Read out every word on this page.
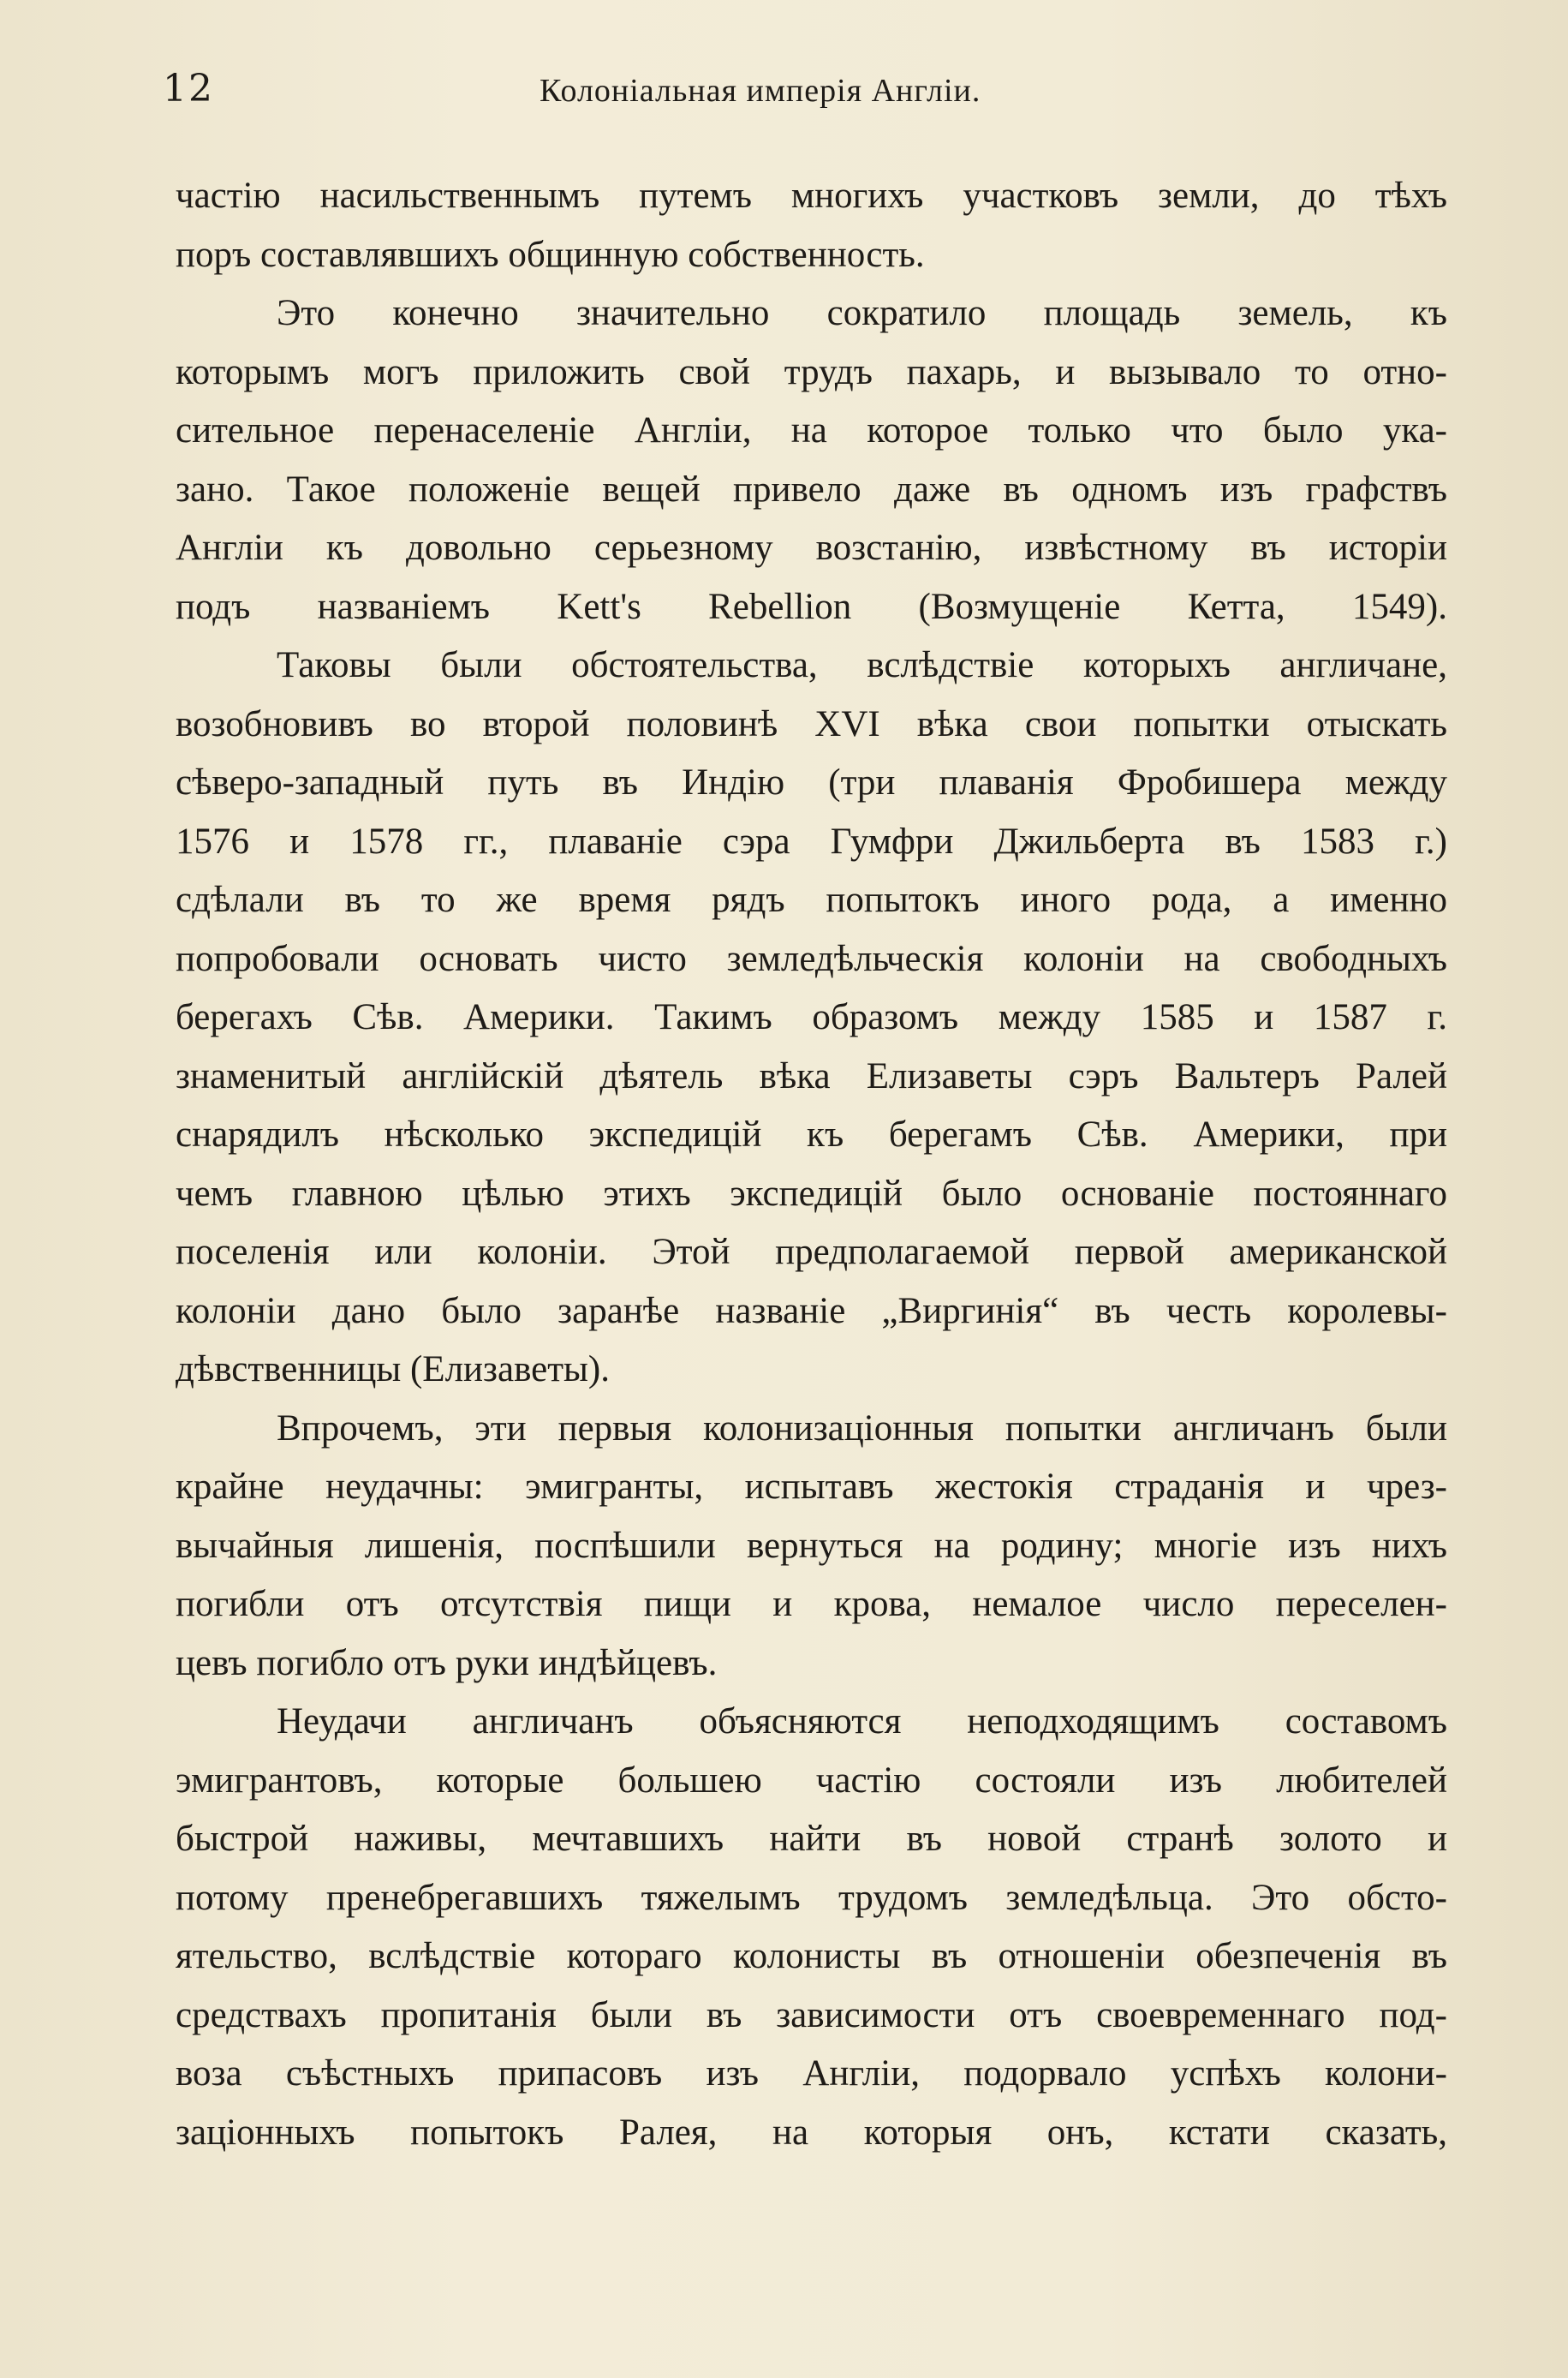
12	Колоніальная имперія Англіи.
частію насильственнымъ путемъ многихъ участковъ земли, до тѣхъ
поръ составлявшихъ общинную собственность.
Это конечно значительно сократило площадь земель, къ
которымъ могъ приложить свой трудъ пахарь, и вызывало то отно-
сительное перенаселеніе Англіи, на которое только что было ука-
зано. Такое положеніе вещей привело даже въ одномъ изъ графствъ
Англіи къ довольно серьезному возстанію, извѣстному въ исторіи
подъ названіемъ Kett's Rebellion (Возмущеніе Кетта, 1549).
Таковы были обстоятельства, вслѣдствіе которыхъ англичане,
возобновивъ во второй половинѣ XVI вѣка свои попытки отыскать
сѣверо-западный путь въ Индію (три плаванія Фробишера между
1576 и 1578 гг., плаваніе сэра Гумфри Джильберта въ 1583 г.)
сдѣлали въ то же время рядъ попытокъ иного рода, а именно
попробовали основать чисто земледѣльческія колоніи на свободныхъ
берегахъ Сѣв. Америки. Такимъ образомъ между 1585 и 1587 г.
знаменитый англійскій дѣятель вѣка Елизаветы сэръ Вальтеръ Ралей
снарядилъ нѣсколько экспедицій къ берегамъ Сѣв. Америки, при
чемъ главною цѣлью этихъ экспедицій было основаніе постояннаго
поселенія или колоніи. Этой предполагаемой первой американской
колоніи дано было заранѣе названіе „Виргинія“ въ честь королевы-
дѣвственницы (Елизаветы).
Впрочемъ, эти первыя колонизаціонныя попытки англичанъ были
крайне неудачны: эмигранты, испытавъ жестокія страданія и чрез-
вычайныя лишенія, поспѣшили вернуться на родину; многіе изъ нихъ
погибли отъ отсутствія пищи и крова, немалое число переселен-
цевъ погибло отъ руки индѣйцевъ.
Неудачи англичанъ объясняются неподходящимъ составомъ
эмигрантовъ, которые большею частію состояли изъ любителей
быстрой наживы, мечтавшихъ найти въ новой странѣ золото и
потому пренебрегавшихъ тяжелымъ трудомъ земледѣльца. Это обсто-
ятельство, вслѣдствіе котораго колонисты въ отношеніи обезпеченія въ
средствахъ пропитанія были въ зависимости отъ своевременнаго под-
воза съѣстныхъ припасовъ изъ Англіи, подорвало успѣхъ колони-
заціонныхъ попытокъ Ралея, на которыя онъ, кстати сказать,
